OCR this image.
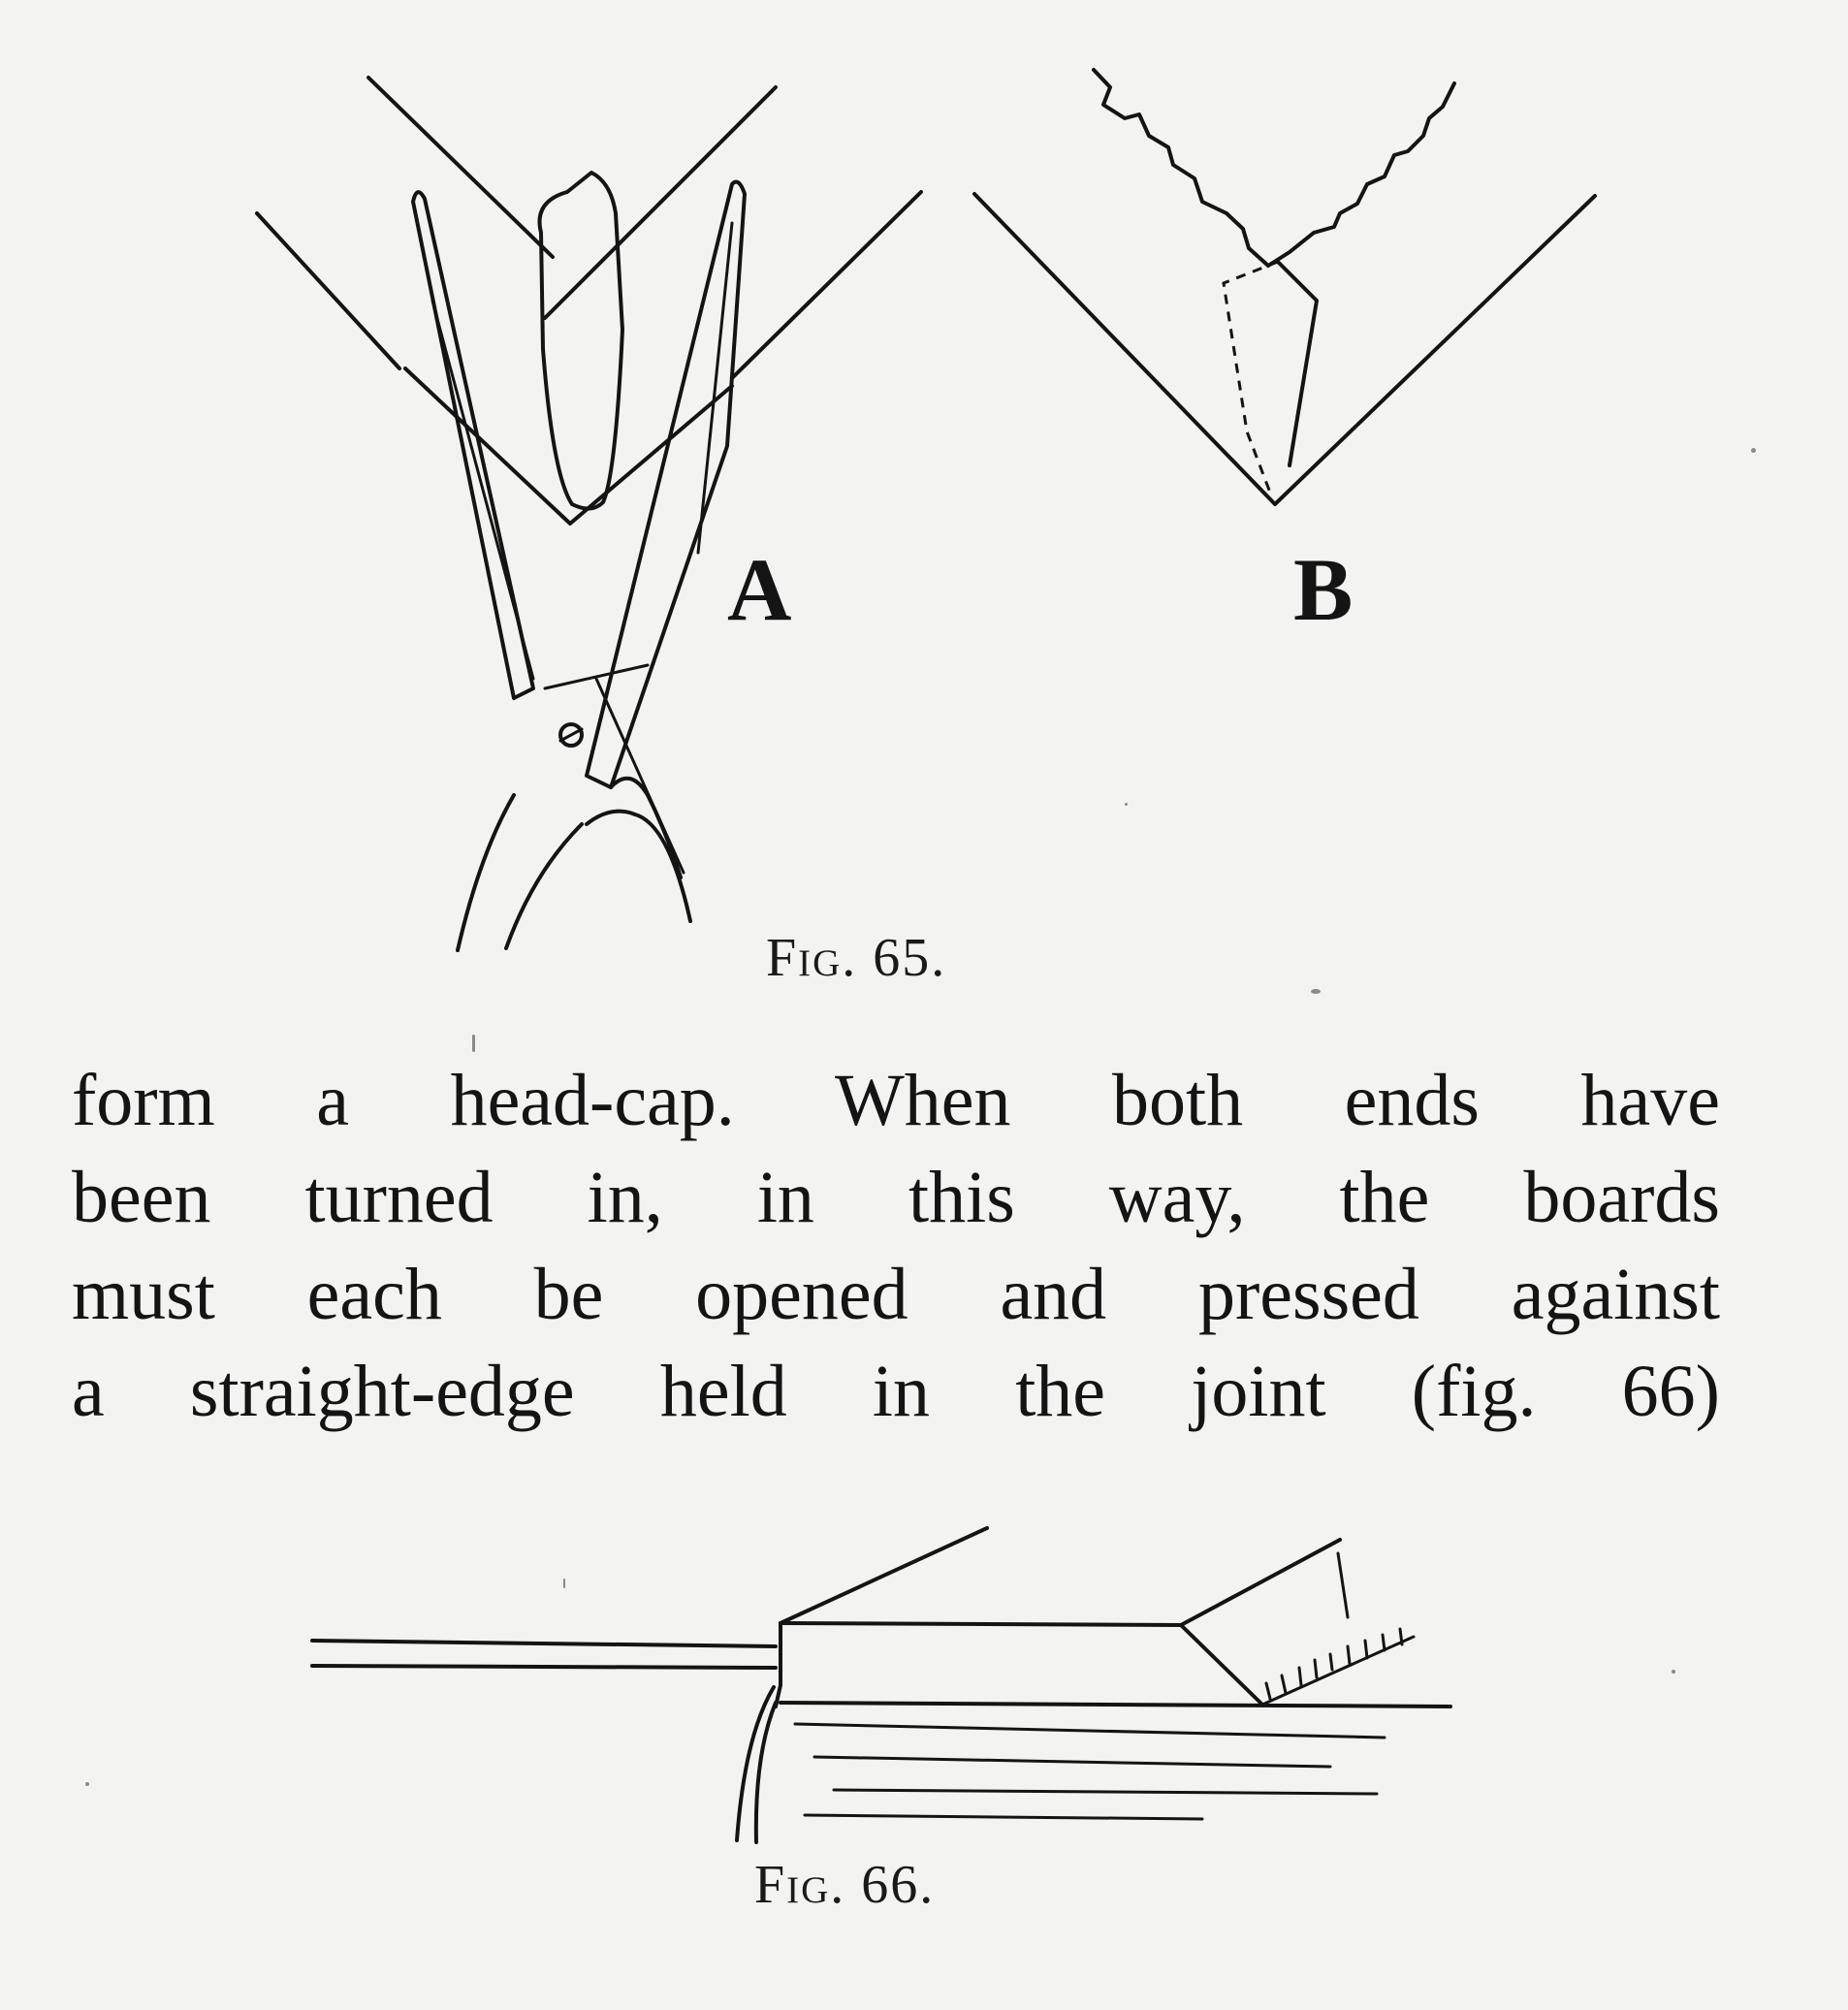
A	B
Fig. 65.
form a head-cap. When both ends have
been turned in, in this way, the boards
must each be opened and pressed against
a straight-edge held in the joint (fig. 66)
Fig. 66.
